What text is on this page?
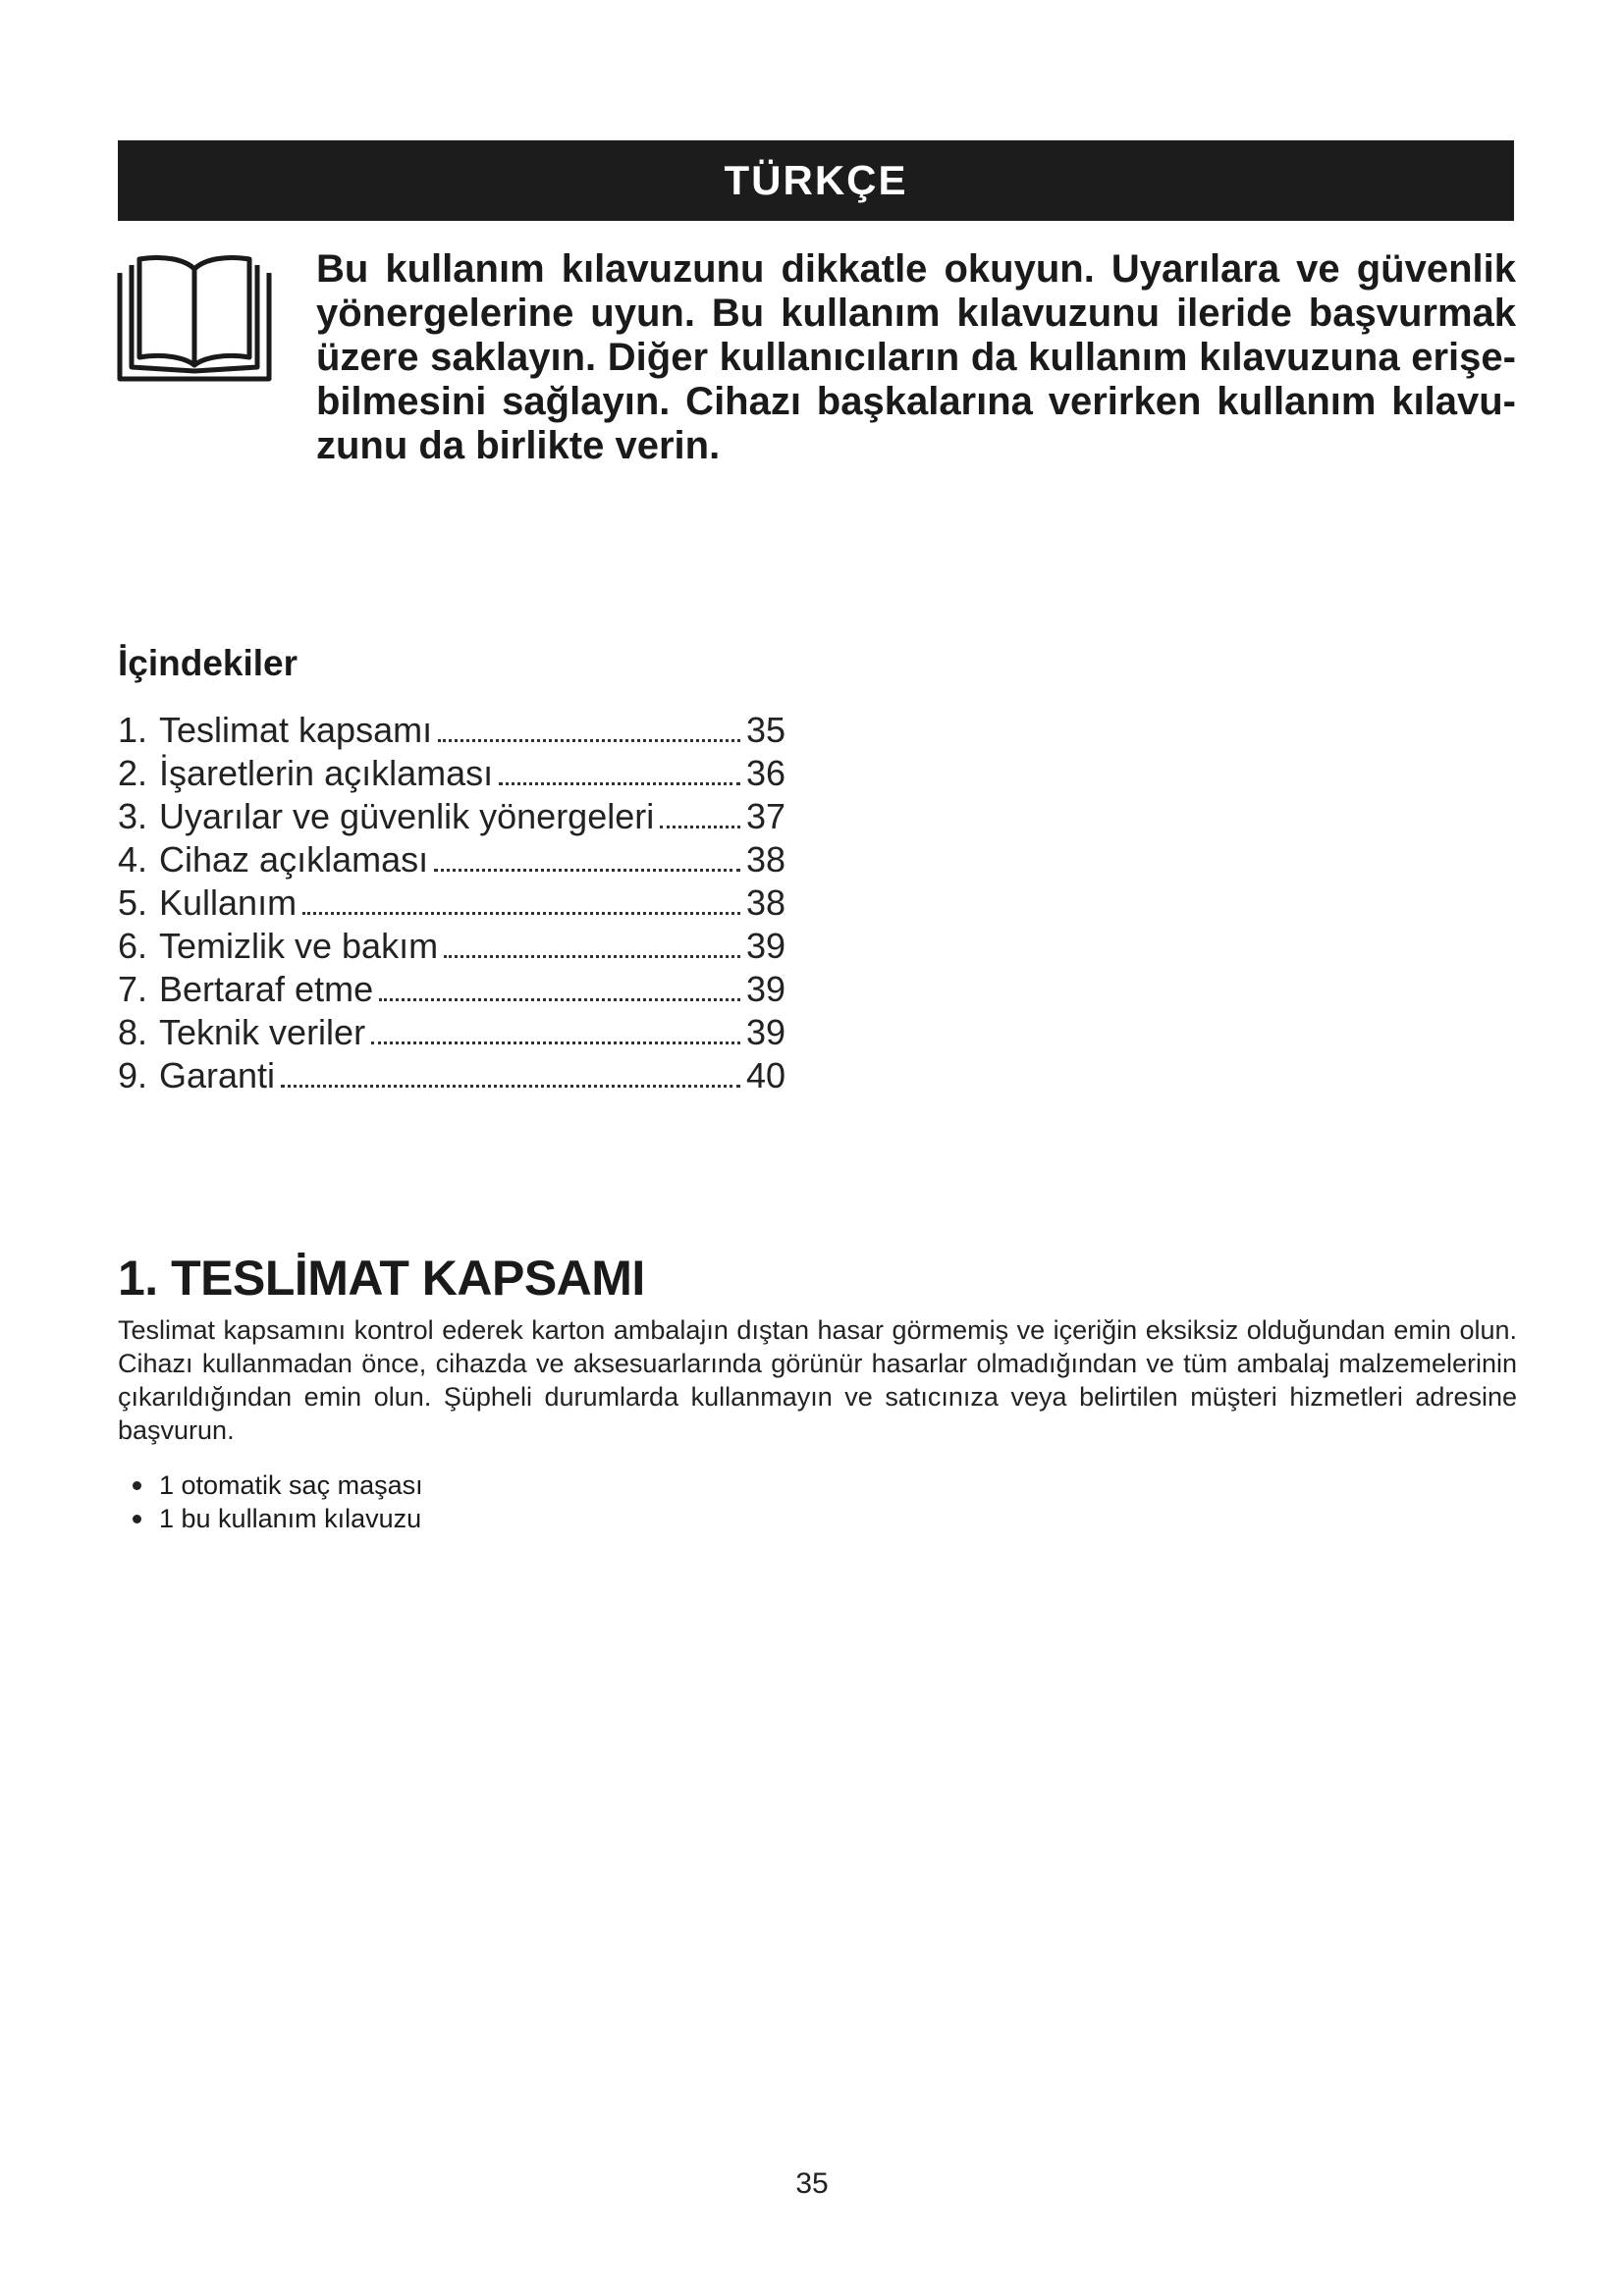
TÜRKÇE

Bu kullanım kılavuzunu dikkatle okuyun. Uyarılara ve güvenlik yönergelerine uyun. Bu kullanım kılavuzunu ileride başvurmak üzere saklayın. Diğer kullanıcıların da kullanım kılavuzuna erişebilmesini sağlayın. Cihazı başkalarına verirken kullanım kılavuzunu da birlikte verin.

İçindekiler
1. Teslimat kapsamı	35
2. İşaretlerin açıklaması	36
3. Uyarılar ve güvenlik yönergeleri	37
4. Cihaz açıklaması	38
5. Kullanım	38
6. Temizlik ve bakım	39
7. Bertaraf etme	39
8. Teknik veriler	39
9. Garanti	40
1. TESLİMAT KAPSAMI

Teslimat kapsamını kontrol ederek karton ambalajın dıştan hasar görmemiş ve içeriğin eksiksiz olduğundan emin olun. Cihazı kullanmadan önce, cihazda ve aksesuarlarında görünür hasarlar olmadığından ve tüm ambalaj malzemelerinin çıkarıldığından emin olun. Şüpheli durumlarda kullanmayın ve satıcınıza veya belirtilen müşteri hizmetleri adresine başvurun.

1 otomatik saç maşası
1 bu kullanım kılavuzu
35
